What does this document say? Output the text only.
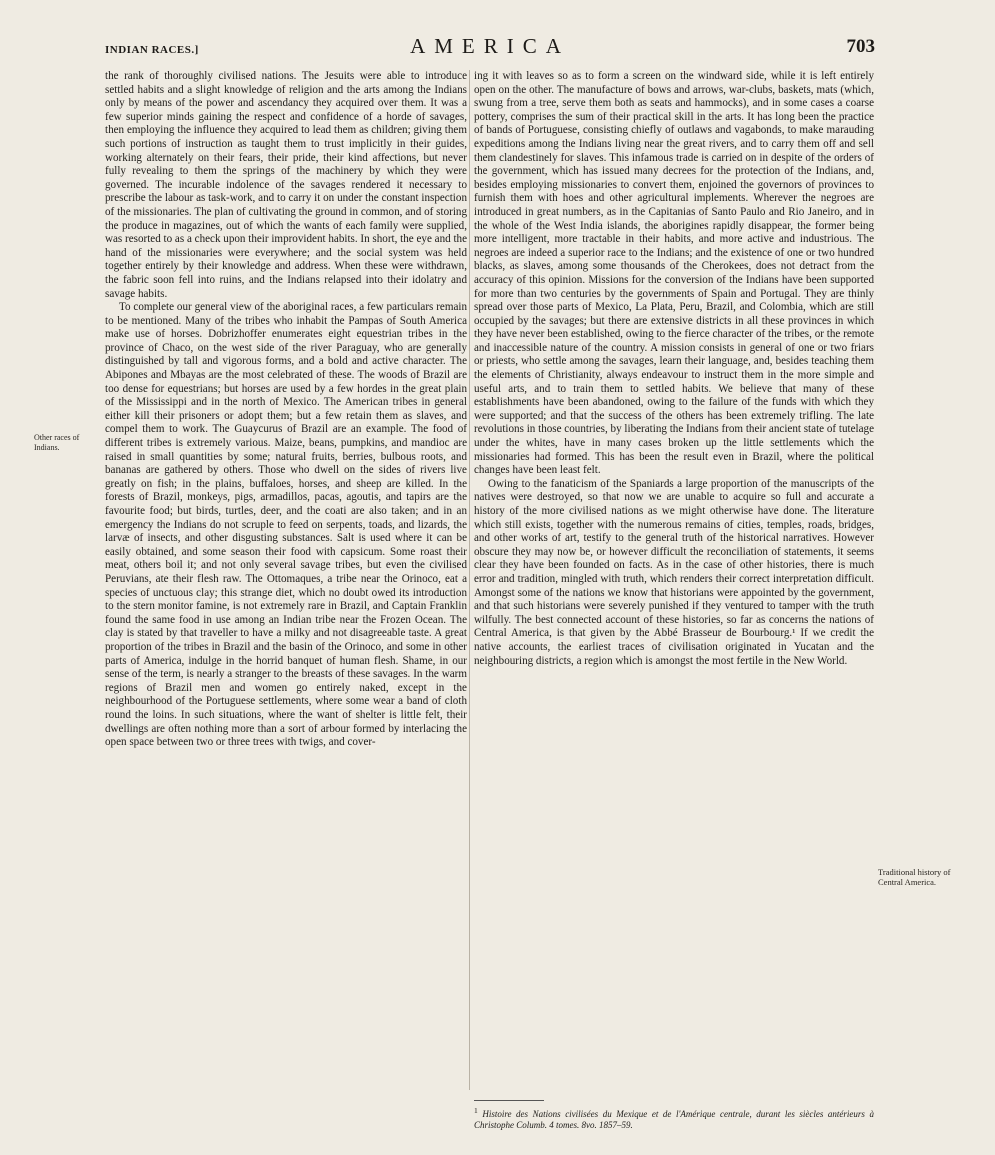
INDIAN RACES.]	AMERICA	703

the rank of thoroughly civilised nations. The Jesuits were able to introduce settled habits and a slight knowledge of religion and the arts among the Indians only by means of the power and ascendancy they acquired over them. It was a few superior minds gaining the respect and confidence of a horde of savages, then employing the influence they acquired to lead them as children; giving them such portions of instruction as taught them to trust implicitly in their guides, working alternately on their fears, their pride, their kind affections, but never fully revealing to them the springs of the machinery by which they were governed. The incurable indolence of the savages rendered it necessary to prescribe the labour as task-work, and to carry it on under the constant inspection of the missionaries. The plan of cultivating the ground in common, and of storing the produce in magazines, out of which the wants of each family were supplied, was resorted to as a check upon their improvident habits. In short, the eye and the hand of the missionaries were everywhere; and the social system was held together entirely by their knowledge and address. When these were withdrawn, the fabric soon fell into ruins, and the Indians relapsed into their idolatry and savage habits.

To complete our general view of the aboriginal races, a few particulars remain to be mentioned. Many of the tribes who inhabit the Pampas of South America make use of horses. Dobrizhoffer enumerates eight equestrian tribes in the province of Chaco, on the west side of the river Paraguay, who are generally distinguished by tall and vigorous forms, and a bold and active character. The Abipones and Mbayas are the most celebrated of these. The woods of Brazil are too dense for equestrians; but horses are used by a few hordes in the great plain of the Mississippi and in the north of Mexico. The American tribes in general either kill their prisoners or adopt them; but a few retain them as slaves, and compel them to work. The Guaycurus of Brazil are an example. The food of different tribes is extremely various. Maize, beans, pumpkins, and mandioc are raised in small quantities by some; natural fruits, berries, bulbous roots, and bananas are gathered by others. Those who dwell on the sides of rivers live greatly on fish; in the plains, buffaloes, horses, and sheep are killed. In the forests of Brazil, monkeys, pigs, armadillos, pacas, agoutis, and tapirs are the favourite food; but birds, turtles, deer, and the coati are also taken; and in an emergency the Indians do not scruple to feed on serpents, toads, and lizards, the larvæ of insects, and other disgusting substances. Salt is used where it can be easily obtained, and some season their food with capsicum. Some roast their meat, others boil it; and not only several savage tribes, but even the civilised Peruvians, ate their flesh raw. The Ottomaques, a tribe near the Orinoco, eat a species of unctuous clay; this strange diet, which no doubt owed its introduction to the stern monitor famine, is not extremely rare in Brazil, and Captain Franklin found the same food in use among an Indian tribe near the Frozen Ocean. The clay is stated by that traveller to have a milky and not disagreeable taste. A great proportion of the tribes in Brazil and the basin of the Orinoco, and some in other parts of America, indulge in the horrid banquet of human flesh. Shame, in our sense of the term, is nearly a stranger to the breasts of these savages. In the warm regions of Brazil men and women go entirely naked, except in the neighbourhood of the Portuguese settlements, where some wear a band of cloth round the loins. In such situations, where the want of shelter is little felt, their dwellings are often nothing more than a sort of arbour formed by interlacing the open space between two or three trees with twigs, and cover-

ing it with leaves so as to form a screen on the windward side, while it is left entirely open on the other. The manufacture of bows and arrows, war-clubs, baskets, mats (which, swung from a tree, serve them both as seats and hammocks), and in some cases a coarse pottery, comprises the sum of their practical skill in the arts. It has long been the practice of bands of Portuguese, consisting chiefly of outlaws and vagabonds, to make marauding expeditions among the Indians living near the great rivers, and to carry them off and sell them clandestinely for slaves. This infamous trade is carried on in despite of the orders of the government, which has issued many decrees for the protection of the Indians, and, besides employing missionaries to convert them, enjoined the governors of provinces to furnish them with hoes and other agricultural implements. Wherever the negroes are introduced in great numbers, as in the Capitanias of Santo Paulo and Rio Janeiro, and in the whole of the West India islands, the aborigines rapidly disappear, the former being more intelligent, more tractable in their habits, and more active and industrious. The negroes are indeed a superior race to the Indians; and the existence of one or two hundred blacks, as slaves, among some thousands of the Cherokees, does not detract from the accuracy of this opinion. Missions for the conversion of the Indians have been supported for more than two centuries by the governments of Spain and Portugal. They are thinly spread over those parts of Mexico, La Plata, Peru, Brazil, and Colombia, which are still occupied by the savages; but there are extensive districts in all these provinces in which they have never been established, owing to the fierce character of the tribes, or the remote and inaccessible nature of the country. A mission consists in general of one or two friars or priests, who settle among the savages, learn their language, and, besides teaching them the elements of Christianity, always endeavour to instruct them in the more simple and useful arts, and to train them to settled habits. We believe that many of these establishments have been abandoned, owing to the failure of the funds with which they were supported; and that the success of the others has been extremely trifling. The late revolutions in those countries, by liberating the Indians from their ancient state of tutelage under the whites, have in many cases broken up the little settlements which the missionaries had formed. This has been the result even in Brazil, where the political changes have been least felt.

Owing to the fanaticism of the Spaniards a large proportion of the manuscripts of the natives were destroyed, so that now we are unable to acquire so full and accurate a history of the more civilised nations as we might otherwise have done. The literature which still exists, together with the numerous remains of cities, temples, roads, bridges, and other works of art, testify to the general truth of the historical narratives. However obscure they may now be, or however difficult the reconciliation of statements, it seems clear they have been founded on facts. As in the case of other histories, there is much error and tradition, mingled with truth, which renders their correct interpretation difficult. Amongst some of the nations we know that historians were appointed by the government, and that such historians were severely punished if they ventured to tamper with the truth wilfully. The best connected account of these histories, so far as concerns the nations of Central America, is that given by the Abbé Brasseur de Bourbourg.¹ If we credit the native accounts, the earliest traces of civilisation originated in Yucatan and the neighbouring districts, a region which is amongst the most fertile in the New World.

Other races of Indians.
Traditional history of Central America.
$^1$ Histoire des Nations civilisées du Mexique et de l'Amérique centrale, durant les siècles antérieurs à Christophe Columb. 4 tomes. 8vo. 1857–59.
